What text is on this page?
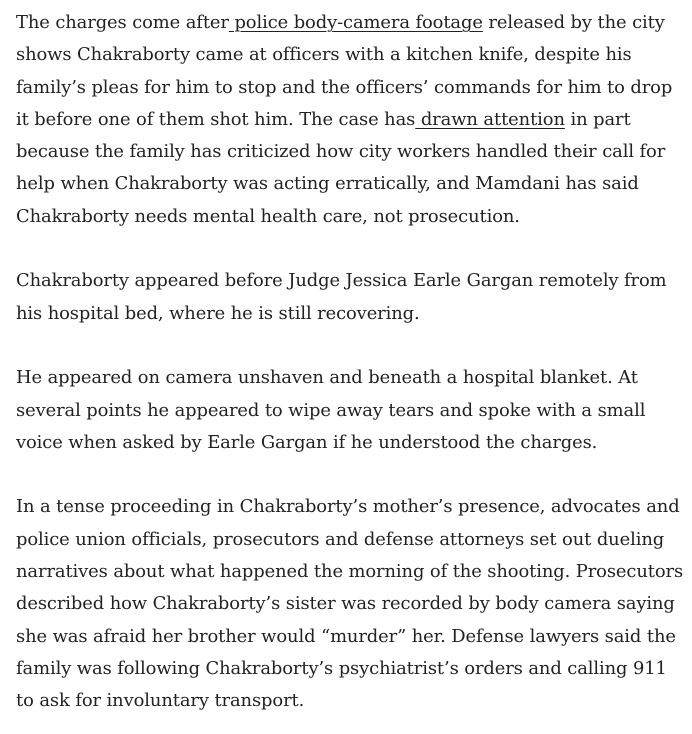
The charges come after police body-camera footage released by the city shows Chakraborty came at officers with a kitchen knife, despite his family’s pleas for him to stop and the officers’ commands for him to drop it before one of them shot him. The case has drawn attention in part because the family has criticized how city workers handled their call for help when Chakraborty was acting erratically, and Mamdani has said Chakraborty needs mental health care, not prosecution.

Chakraborty appeared before Judge Jessica Earle Gargan remotely from his hospital bed, where he is still recovering.

He appeared on camera unshaven and beneath a hospital blanket. At several points he appeared to wipe away tears and spoke with a small voice when asked by Earle Gargan if he understood the charges.

In a tense proceeding in Chakraborty’s mother’s presence, advocates and police union officials, prosecutors and defense attorneys set out dueling narratives about what happened the morning of the shooting. Prosecutors described how Chakraborty’s sister was recorded by body camera saying she was afraid her brother would “murder” her. Defense lawyers said the family was following Chakraborty’s psychiatrist’s orders and calling 911 to ask for involuntary transport.
